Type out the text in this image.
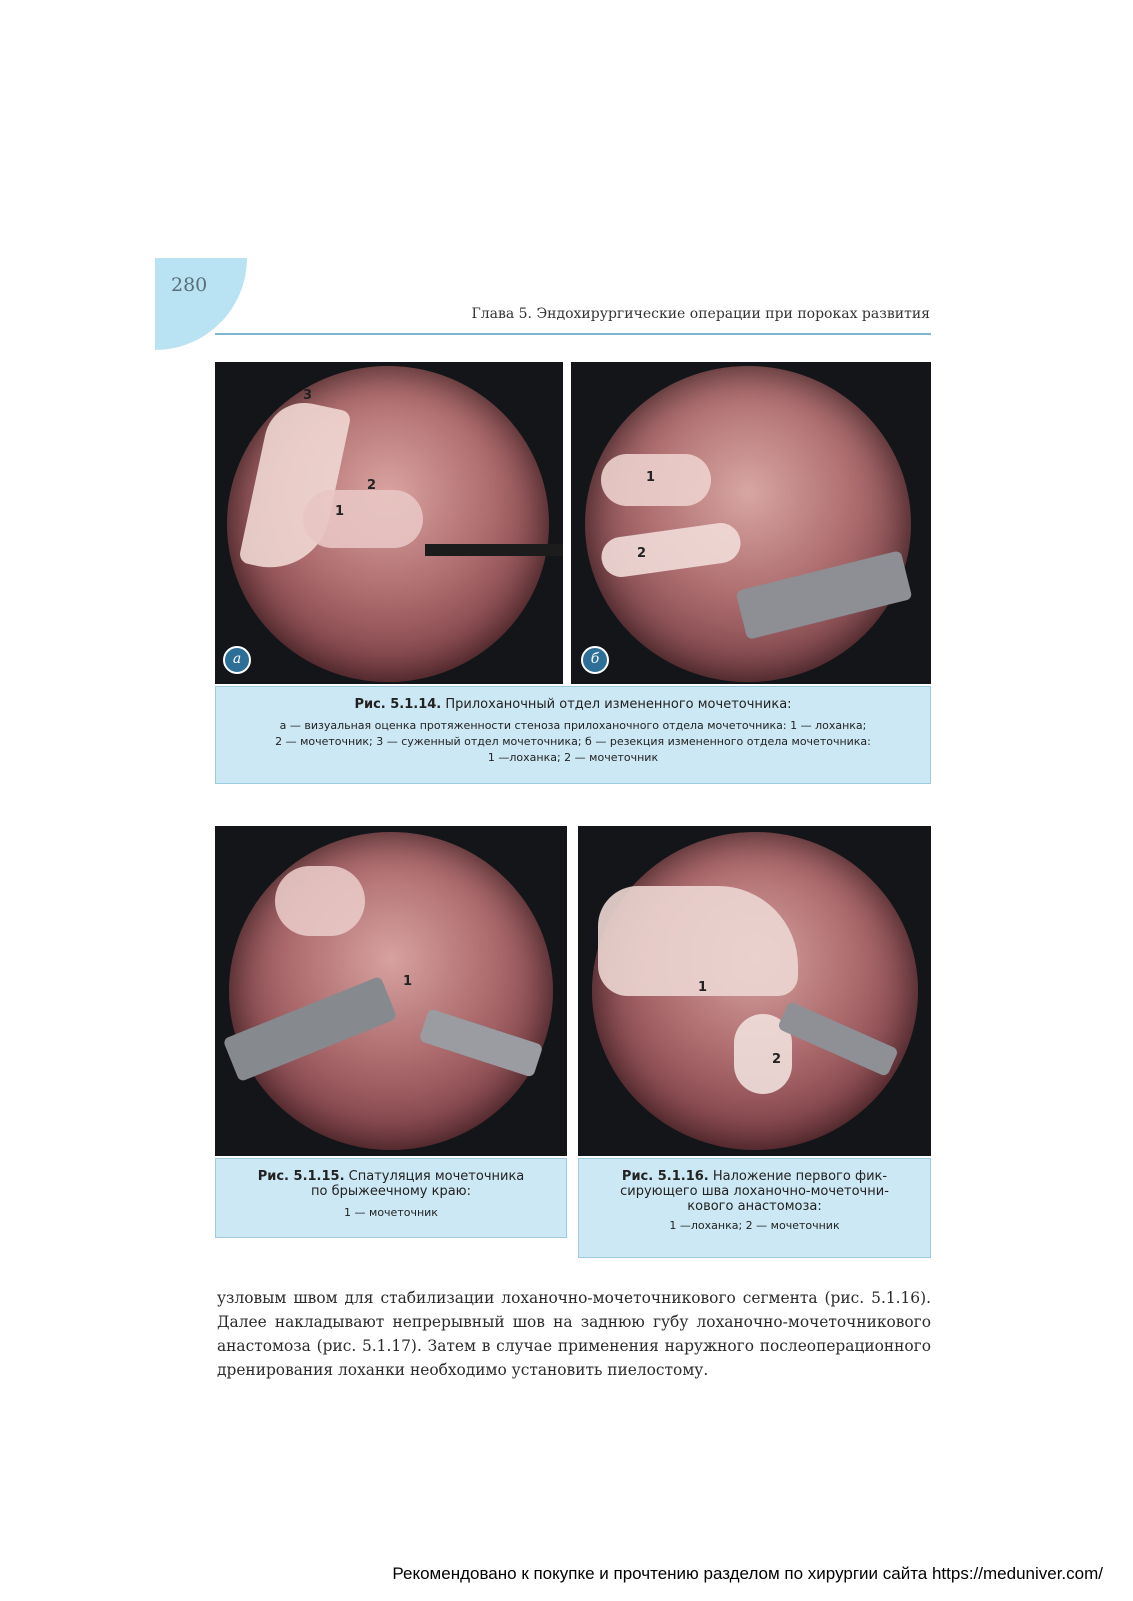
280
Глава 5. Эндохирургические операции при пороках развития
3
2
1
а
1
2
б

Рис. 5.1.14. Прилоханочный отдел измененного мочеточника:

а — визуальная оценка протяженности стеноза прилоханочного отдела мочеточника: 1 — лоханка;

2 — мочеточник; 3 — суженный отдел мочеточника; б — резекция измененного отдела мочеточника:

1 —лоханка; 2 — мочеточник

1

Рис. 5.1.15. Спатуляция мочеточника

по брыжеечному краю:

1 — мочеточник

1
2

Рис. 5.1.16. Наложение первого фик-

сирующего шва лоханочно-мочеточни-

кового анастомоза:

1 —лоханка; 2 — мочеточник

узловым швом для стабилизации лоханочно-мочеточникового сегмента (рис. 5.1.16). Далее накладывают непрерывный шов на заднюю губу лоханочно-мочеточникового анастомоза (рис. 5.1.17). Затем в случае применения наружного послеоперационного дренирования лоханки необходимо установить пиелостому.
Рекомендовано к покупке и прочтению разделом по хирургии сайта https://meduniver.com/
